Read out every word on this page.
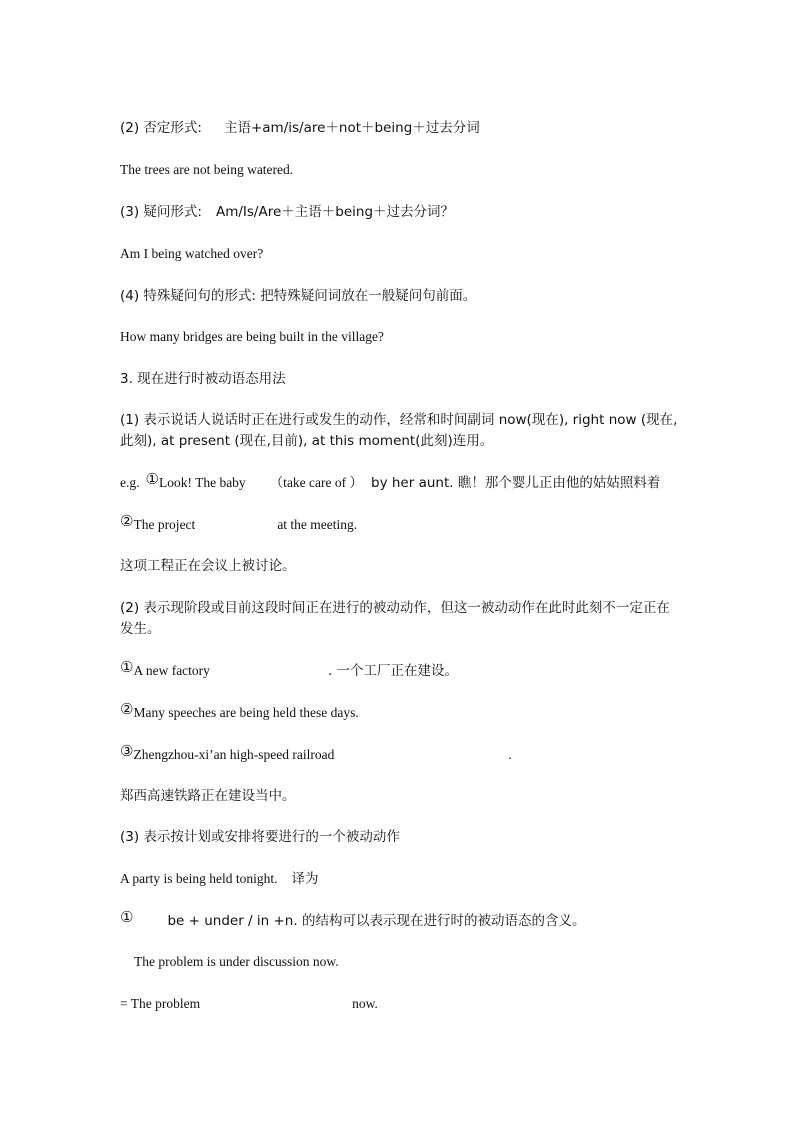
(2) 否定形式: 主语+am/is/are＋not＋being＋过去分词
The trees are not being watered.
(3) 疑问形式: Am/Is/Are＋主语＋being＋过去分词？
Am I being watched over?
(4) 特殊疑问句的形式: 把特殊疑问词放在一般疑问句前面。
How many bridges are being built in the village?
3. 现在进行时被动语态用法
(1) 表示说话人说话时正在进行或发生的动作，经常和时间副词 now(现在), right now (现在, 此刻), at present (现在,目前), at this moment(此刻)连用。
e.g. ①Look! The baby （take care of ） by her aunt. 瞧！那个婴儿正由他的姑姑照料着
②The project	at the meeting.
这项工程正在会议上被讨论。
(2) 表示现阶段或目前这段时间正在进行的被动动作，但这一被动动作在此时此刻不一定正在发生。
①A new factory	. 一个工厂正在建设。
②Many speeches are being held these days.
③Zhengzhou-xi’an high-speed railroad	.
郑西高速铁路正在建设当中。
(3) 表示按计划或安排将要进行的一个被动动作
A party is being held tonight. 译为
①	be + under / in +n. 的结构可以表示现在进行时的被动语态的含义。
The problem is under discussion now.
= The problem	now.
